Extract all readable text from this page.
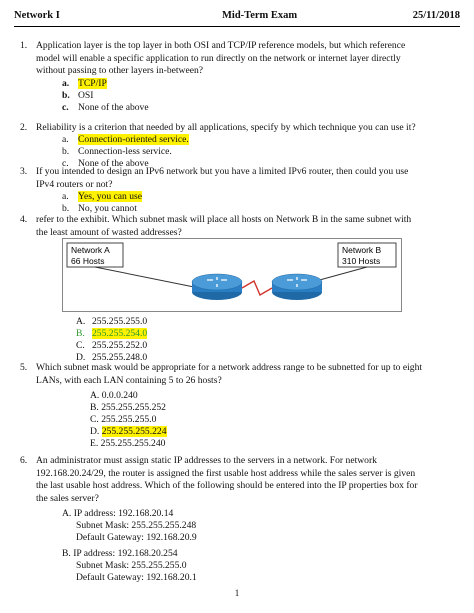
Network I	Mid-Term Exam	25/11/2018
1. Application layer is the top layer in both OSI and TCP/IP reference models, but which reference
model will enable a specific application to run directly on the network or internet layer directly
without passing to other layers in-between?
a. TCP/IP
b. OSI
c. None of the above
2. Reliability is a criterion that needed by all applications, specify by which technique you can use it?
a. Connection-oriented service.
b. Connection-less service.
c. None of the above
3. If you intended to design an IPv6 network but you have a limited IPv6 router, then could you use
IPv4 routers or not?
a. Yes, you can use
b. No, you cannot
4. refer to the exhibit. Which subnet mask will place all hosts on Network B in the same subnet with
the least amount of wasted addresses?
Network A
66 Hosts
Network B
310 Hosts
A. 255.255.255.0
B. 255.255.254.0
C. 255.255.252.0
D. 255.255.248.0
5. Which subnet mask would be appropriate for a network address range to be subnetted for up to eight
LANs, with each LAN containing 5 to 26 hosts?
A. 0.0.0.240
B. 255.255.255.252
C. 255.255.255.0
D. 255.255.255.224
E. 255.255.255.240
6. An administrator must assign static IP addresses to the servers in a network. For network
192.168.20.24/29, the router is assigned the first usable host address while the sales server is given
the last usable host address. Which of the following should be entered into the IP properties box for
the sales server?
A. IP address: 192.168.20.14
Subnet Mask: 255.255.255.248
Default Gateway: 192.168.20.9
B. IP address: 192.168.20.254
Subnet Mask: 255.255.255.0
Default Gateway: 192.168.20.1
1
